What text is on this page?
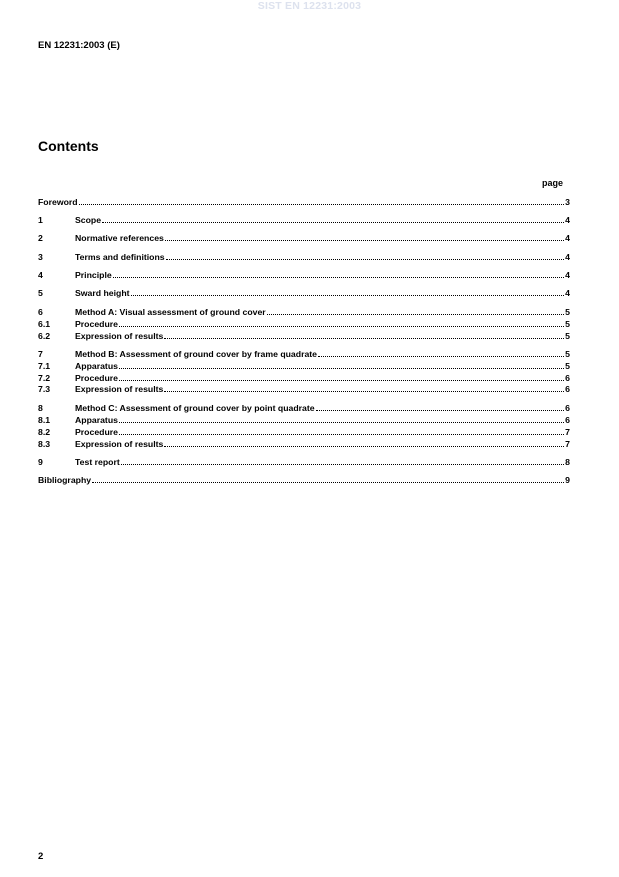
SIST EN 12231:2003
EN 12231:2003 (E)
Contents
page
Foreword	3
1	Scope	4
2	Normative references	4
3	Terms and definitions	4
4	Principle	4
5	Sward height	4
6	Method A: Visual assessment of ground cover	5
6.1	Procedure	5
6.2	Expression of results	5
7	Method B: Assessment of ground cover by frame quadrate	5
7.1	Apparatus	5
7.2	Procedure	6
7.3	Expression of results	6
8	Method C: Assessment of ground cover by point quadrate	6
8.1	Apparatus	6
8.2	Procedure	7
8.3	Expression of results	7
9	Test report	8
Bibliography	9
2
